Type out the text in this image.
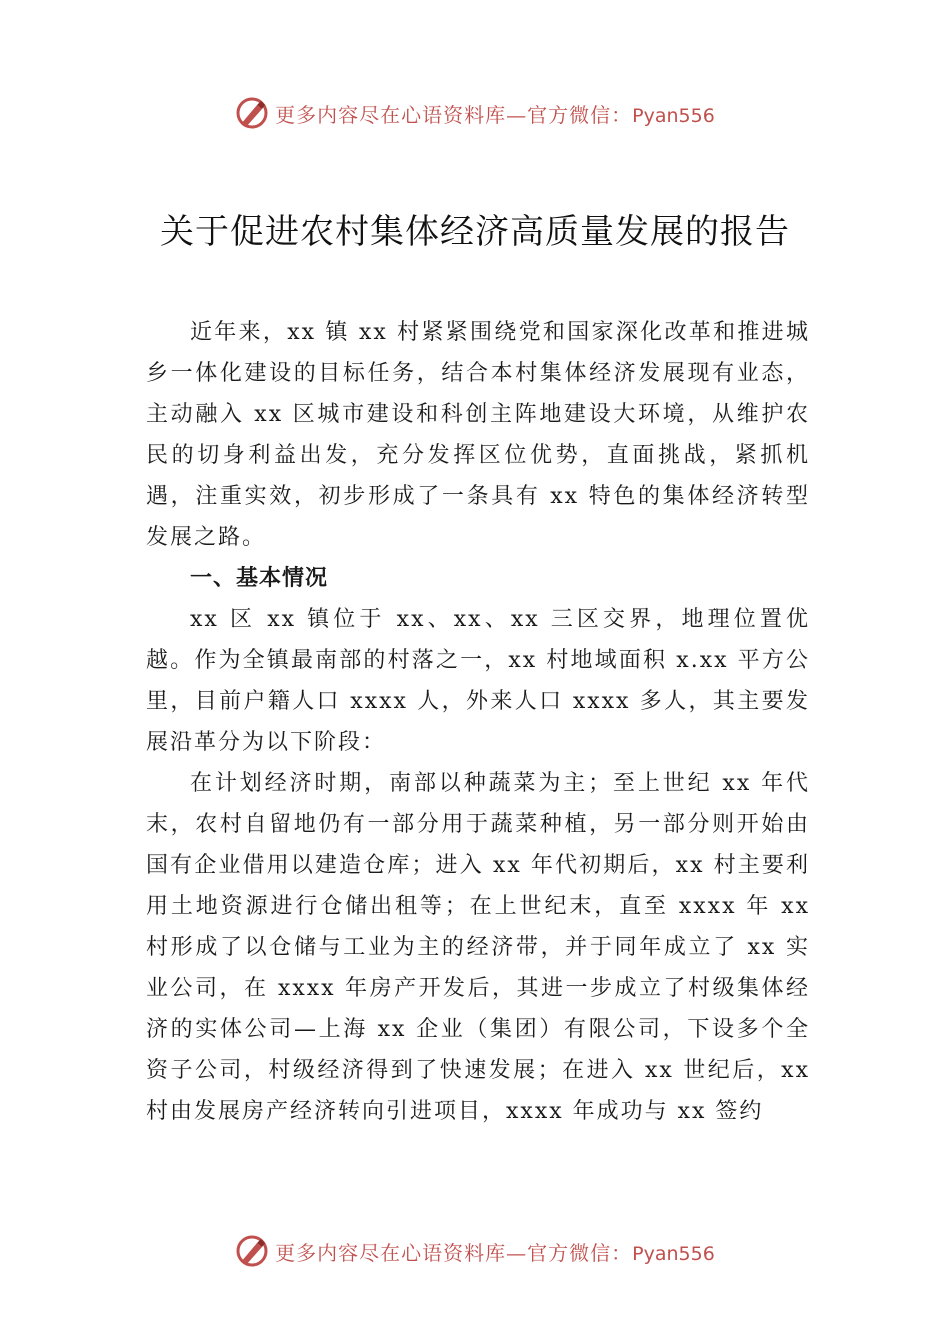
更多内容尽在心语资料库—官方微信：Pyan556
关于促进农村集体经济高质量发展的报告

近年来，xx 镇 xx 村紧紧围绕党和国家深化改革和推进城乡一体化建设的目标任务，结合本村集体经济发展现有业态，主动融入 xx 区城市建设和科创主阵地建设大环境，从维护农民的切身利益出发，充分发挥区位优势，直面挑战，紧抓机遇，注重实效，初步形成了一条具有 xx 特色的集体经济转型发展之路。

一、基本情况

xx 区 xx 镇位于 xx、xx、xx 三区交界，地理位置优越。作为全镇最南部的村落之一，xx 村地域面积 x.xx 平方公里，目前户籍人口 xxxx 人，外来人口 xxxx 多人，其主要发展沿革分为以下阶段：

在计划经济时期，南部以种蔬菜为主；至上世纪 xx 年代末，农村自留地仍有一部分用于蔬菜种植，另一部分则开始由国有企业借用以建造仓库；进入 xx 年代初期后，xx 村主要利用土地资源进行仓储出租等；在上世纪末，直至 xxxx 年 xx 村形成了以仓储与工业为主的经济带，并于同年成立了 xx 实业公司，在 xxxx 年房产开发后，其进一步成立了村级集体经济的实体公司—上海 xx 企业（集团）有限公司，下设多个全资子公司，村级经济得到了快速发展；在进入 xx 世纪后，xx 村由发展房产经济转向引进项目，xxxx 年成功与 xx 签约

更多内容尽在心语资料库—官方微信：Pyan556
